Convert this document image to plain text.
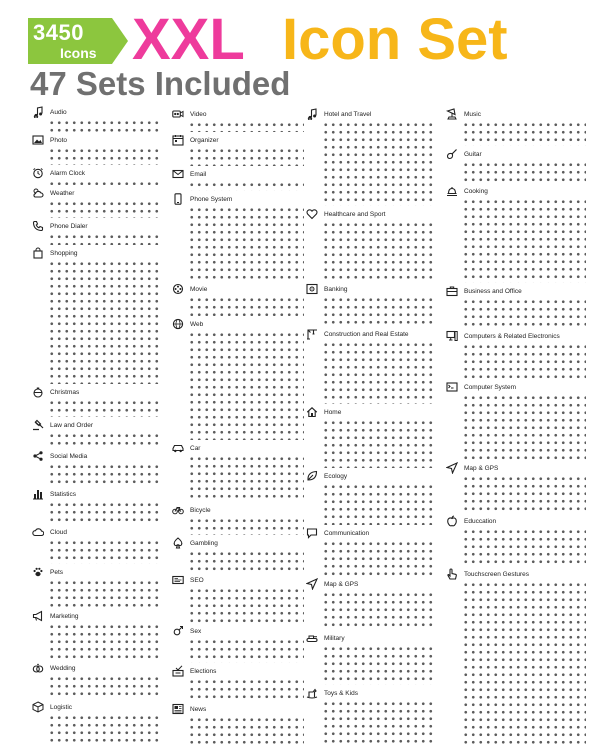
3450
Icons XXL Icon Set
47 Sets Included
Audio
Photo
Alarm Clock
Weather
Phone Dialer
Shopping
Christmas
Law and Order
Social Media
Statistics
Cloud
Pets
Marketing
Wedding
Logistic
Video
Organizer
Email
Phone System
Movie
Web
Car
Bicycle
Gambling
SEO
Sex
Elections
News
Hotel and Travel
Healthcare and Sport
Banking
Construction and Real Estate
Home
Ecology
Communication
Map & GPS
Military
Toys & Kids
Music
Guitar
Cooking
Business and Office
Computers & Related Electronics
Computer System
Map & GPS
Educcation
Touchscreen Gestures
